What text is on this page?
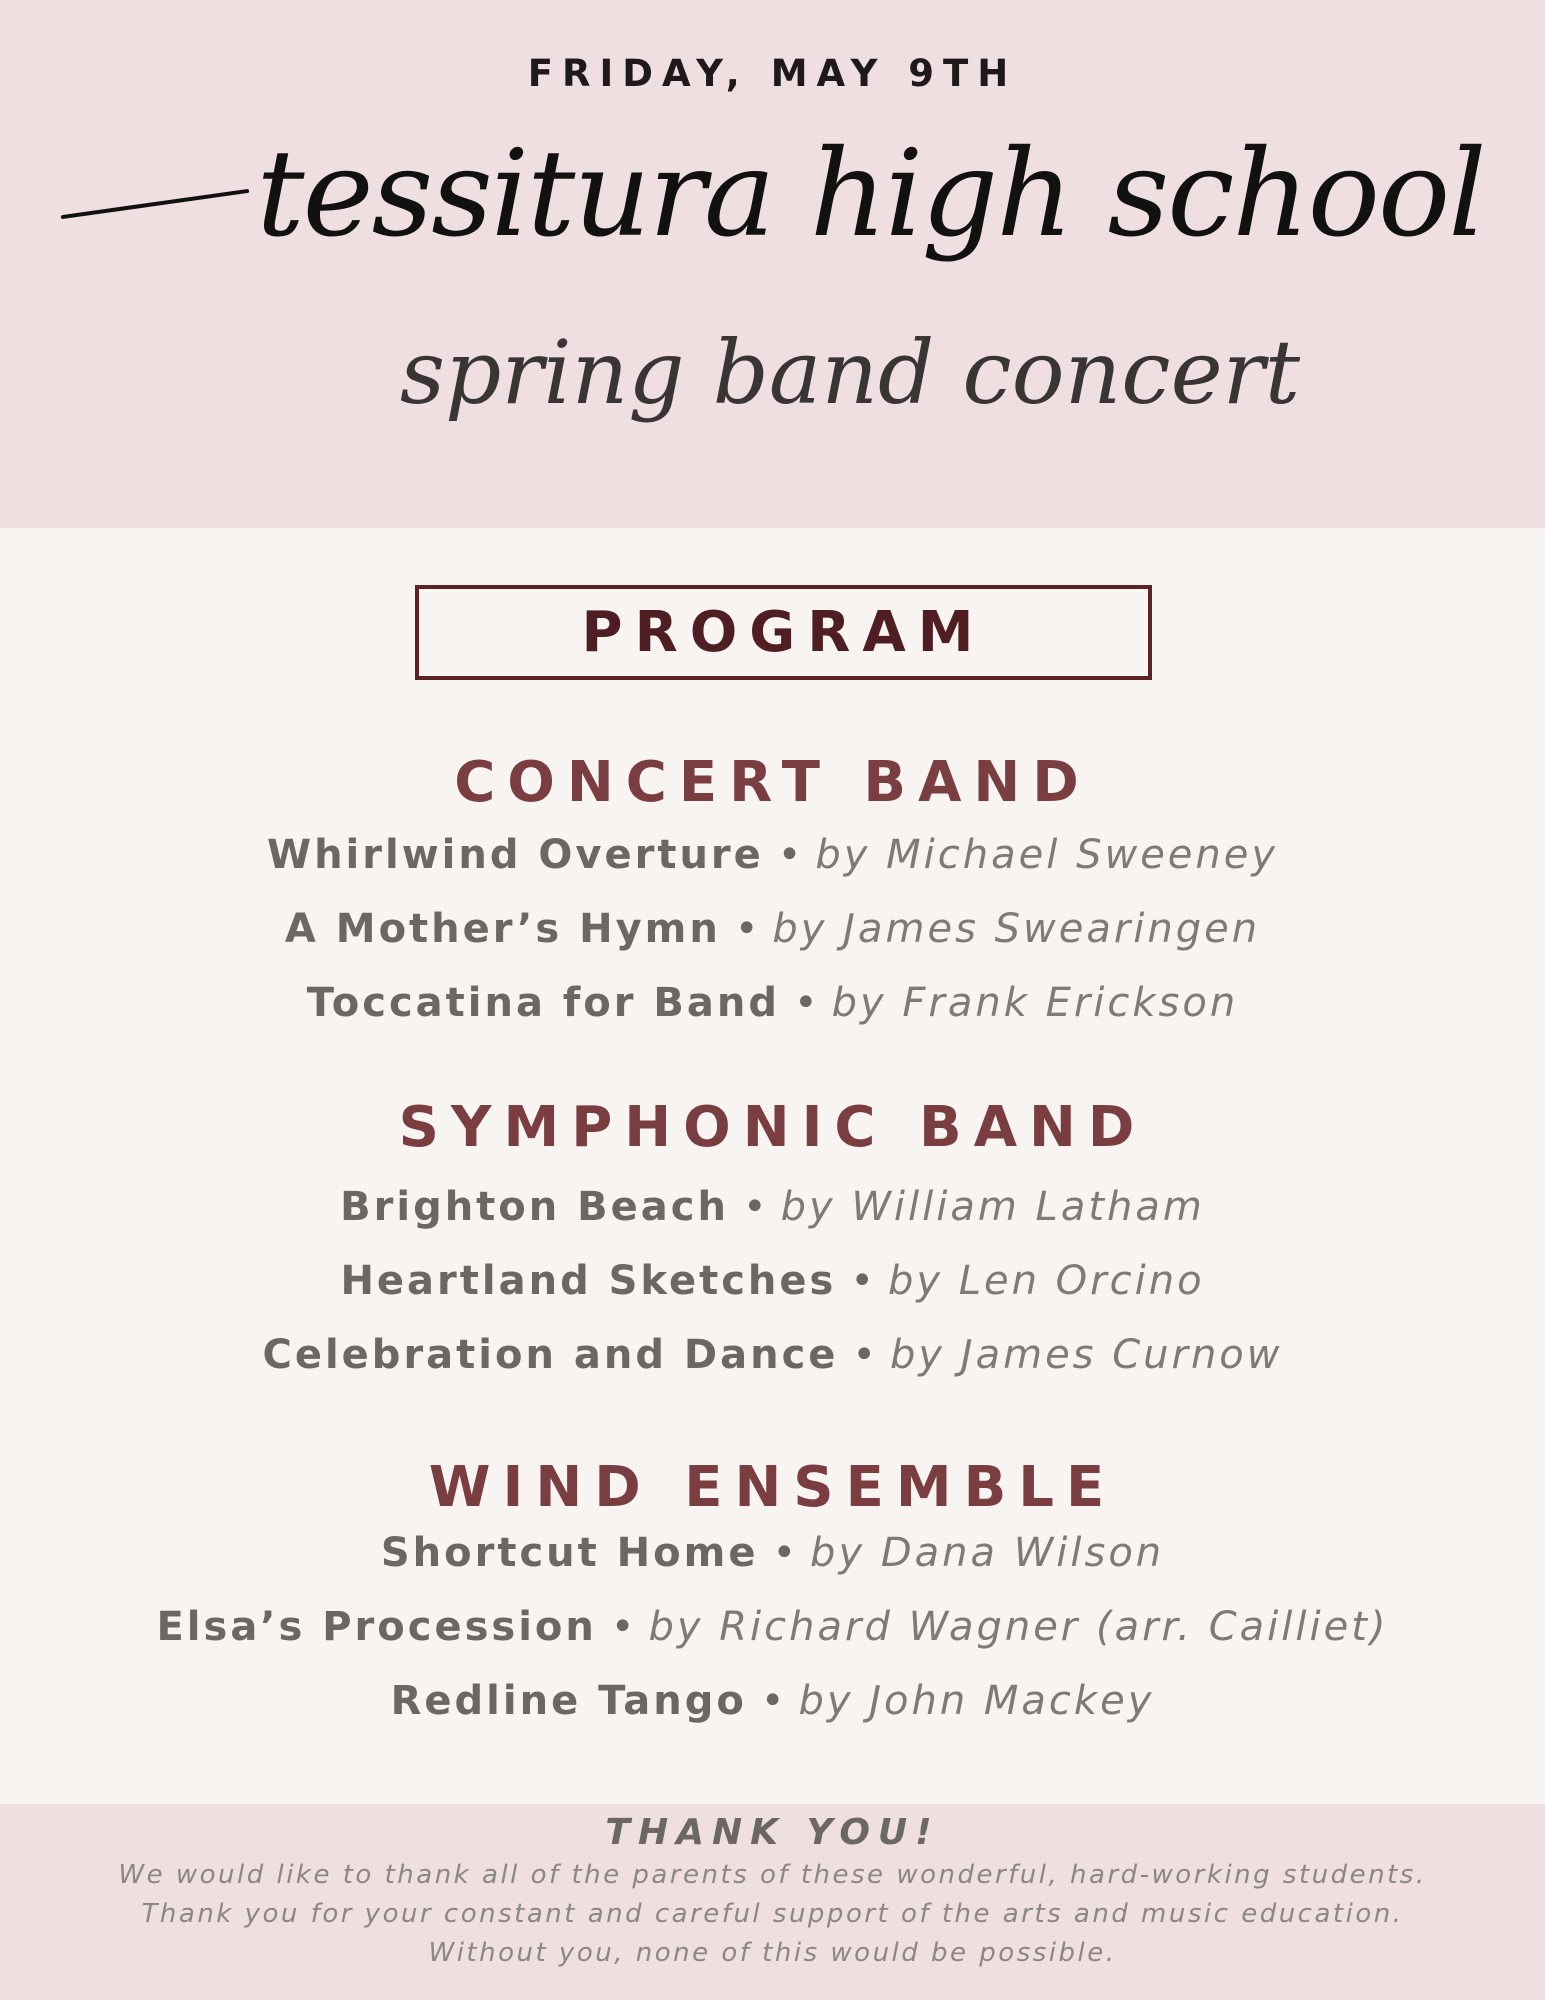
FRIDAY, MAY 9TH
tessitura high school
spring band concert
PROGRAM
CONCERT BAND
Whirlwind Overture • by Michael Sweeney
A Mother’s Hymn • by James Swearingen
Toccatina for Band • by Frank Erickson
SYMPHONIC BAND
Brighton Beach • by William Latham
Heartland Sketches • by Len Orcino
Celebration and Dance • by James Curnow
WIND ENSEMBLE
Shortcut Home • by Dana Wilson
Elsa’s Procession • by Richard Wagner (arr. Cailliet)
Redline Tango • by John Mackey
THANK YOU!
We would like to thank all of the parents of these wonderful, hard-working students.
Thank you for your constant and careful support of the arts and music education.
Without you, none of this would be possible.
